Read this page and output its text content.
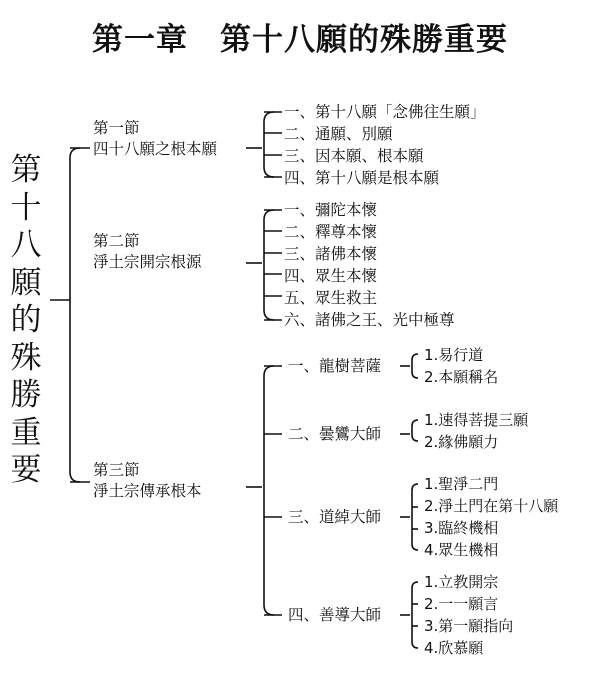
第一章　第十八願的殊勝重要
第
十
八
願
的
殊
勝
重
要
第一節
四十八願之根本願
一、第十八願「念佛往生願」
二、通願、別願
三、因本願、根本願
四、第十八願是根本願
第二節
淨土宗開宗根源
一、彌陀本懷
二、釋尊本懷
三、諸佛本懷
四、眾生本懷
五、眾生救主
六、諸佛之王、光中極尊
第三節
淨土宗傳承根本
一、龍樹菩薩
1.易行道
2.本願稱名
二、曇鸞大師
1.速得菩提三願
2.緣佛願力
三、道綽大師
1.聖淨二門
2.淨土門在第十八願
3.臨終機相
4.眾生機相
四、善導大師
1.立教開宗
2.一一願言
3.第一願指向
4.欣慕願
